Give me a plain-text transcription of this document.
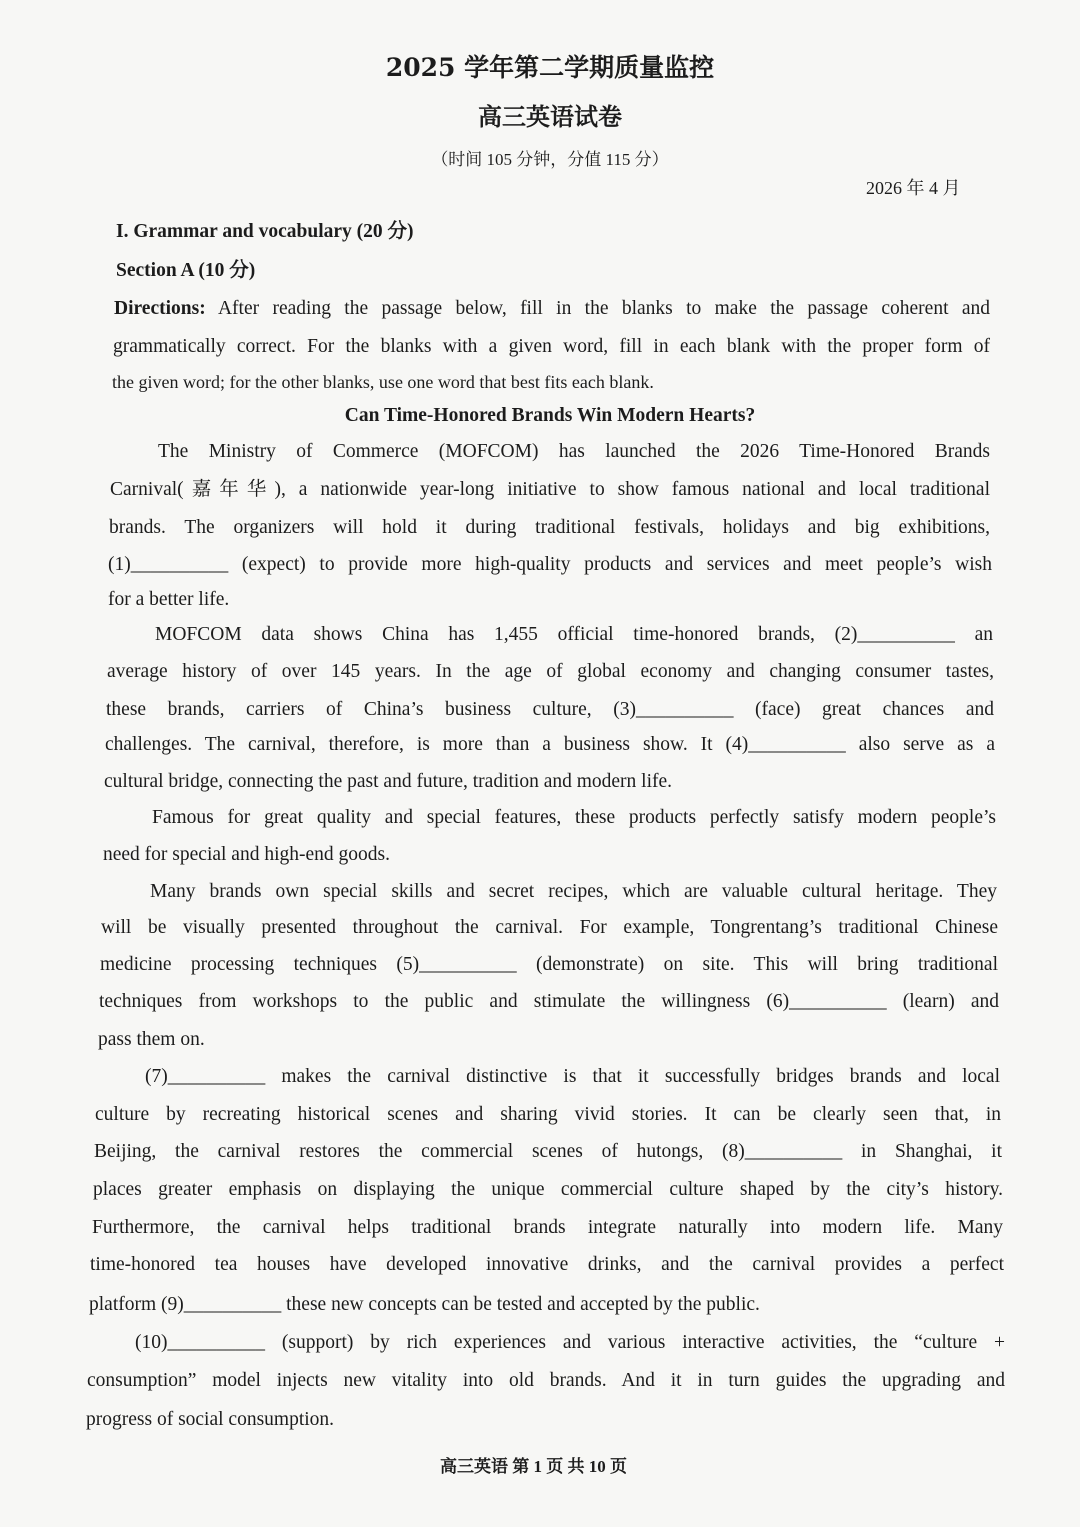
2025 学年第二学期质量监控
高三英语试卷
（时间 105 分钟，分值 115 分）
2026 年 4 月
I. Grammar and vocabulary (20 分)
Section A (10 分)
Directions: After reading the passage below, fill in the blanks to make the passage coherent and
grammatically correct. For the blanks with a given word, fill in each blank with the proper form of
the given word; for the other blanks, use one word that best fits each blank.
Can Time-Honored Brands Win Modern Hearts?
The Ministry of Commerce (MOFCOM) has launched the 2026 Time-Honored Brands
Carnival(嘉年华), a nationwide year-long initiative to show famous national and local traditional
brands. The organizers will hold it during traditional festivals, holidays and big exhibitions,
(1)__________ (expect) to provide more high-quality products and services and meet people’s wish
for a better life.
MOFCOM data shows China has 1,455 official time-honored brands, (2)__________ an
average history of over 145 years. In the age of global economy and changing consumer tastes,
these brands, carriers of China’s business culture, (3)__________ (face) great chances and
challenges. The carnival, therefore, is more than a business show. It (4)__________ also serve as a
cultural bridge, connecting the past and future, tradition and modern life.
Famous for great quality and special features, these products perfectly satisfy modern people’s
need for special and high-end goods.
Many brands own special skills and secret recipes, which are valuable cultural heritage. They
will be visually presented throughout the carnival. For example, Tongrentang’s traditional Chinese
medicine processing techniques (5)__________ (demonstrate) on site. This will bring traditional
techniques from workshops to the public and stimulate the willingness (6)__________ (learn) and
pass them on.
(7)__________ makes the carnival distinctive is that it successfully bridges brands and local
culture by recreating historical scenes and sharing vivid stories. It can be clearly seen that, in
Beijing, the carnival restores the commercial scenes of hutongs, (8)__________ in Shanghai, it
places greater emphasis on displaying the unique commercial culture shaped by the city’s history.
Furthermore, the carnival helps traditional brands integrate naturally into modern life. Many
time-honored tea houses have developed innovative drinks, and the carnival provides a perfect
platform (9)__________ these new concepts can be tested and accepted by the public.
(10)__________ (support) by rich experiences and various interactive activities, the “culture +
consumption” model injects new vitality into old brands. And it in turn guides the upgrading and
progress of social consumption.
高三英语 第 1 页 共 10 页
